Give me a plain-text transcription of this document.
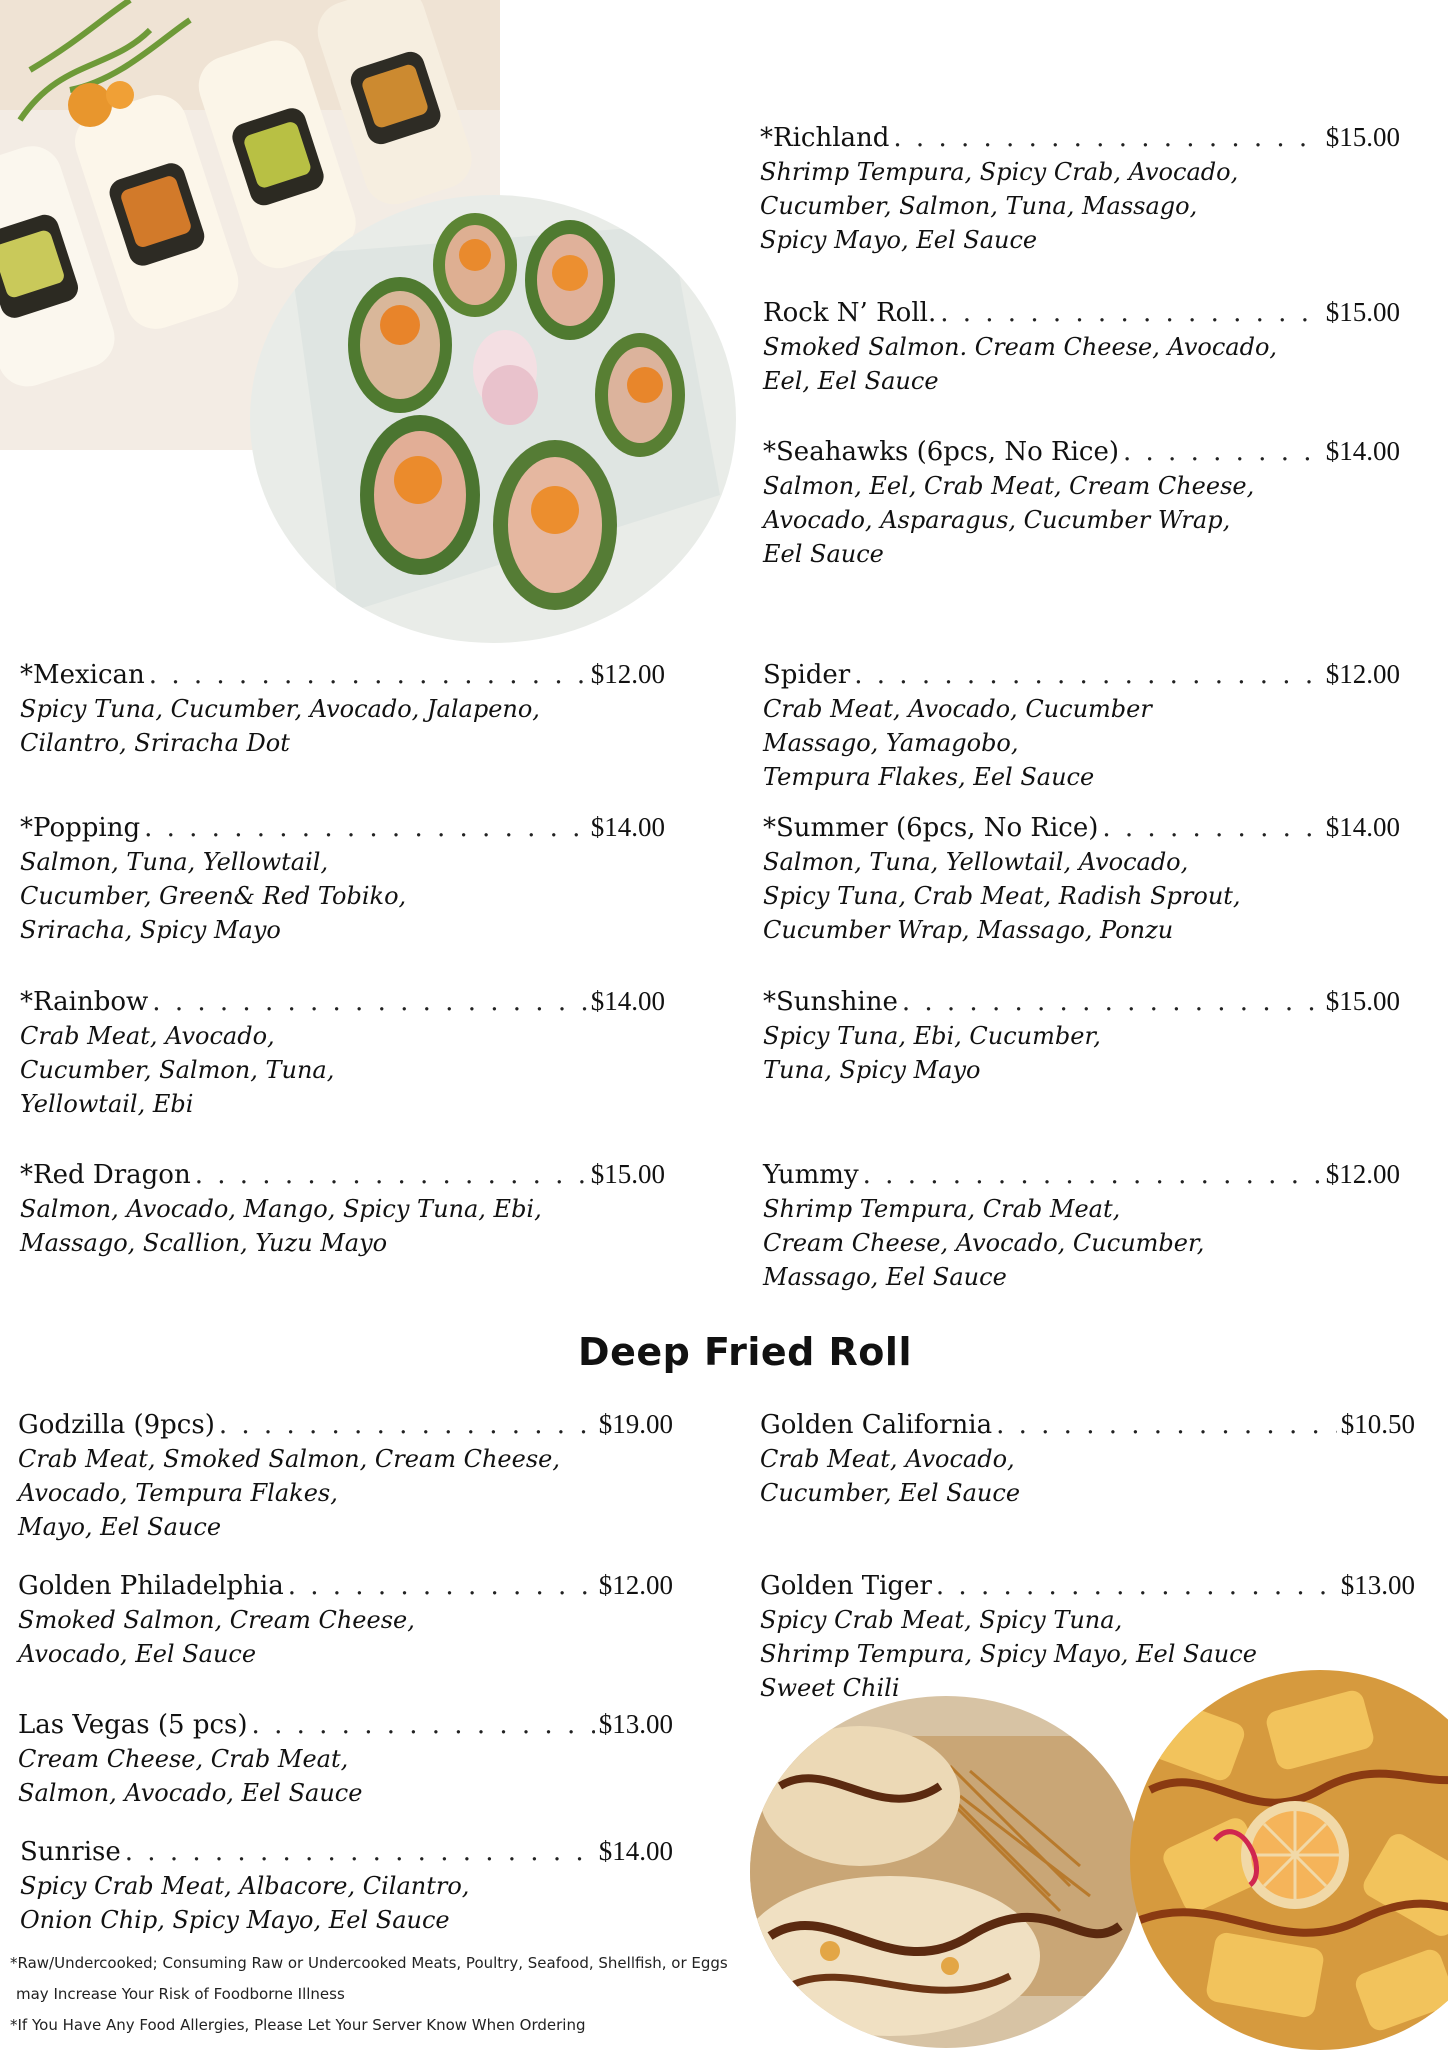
*Richland . . .	$15.00
Shrimp Tempura, Spicy Crab, Avocado,
Cucumber, Salmon, Tuna, Massago,
Spicy Mayo, Eel Sauce
Rock N’ Roll. . . .	$15.00
Smoked Salmon. Cream Cheese, Avocado,
Eel, Eel Sauce
*Seahawks (6pcs, No Rice) . . .	$14.00
Salmon, Eel, Crab Meat, Cream Cheese,
Avocado, Asparagus, Cucumber Wrap,
Eel Sauce
*Mexican . . .	$12.00
Spicy Tuna, Cucumber, Avocado, Jalapeno,
Cilantro, Sriracha Dot
*Popping . . .	$14.00
Salmon, Tuna, Yellowtail,
Cucumber, Green& Red Tobiko,
Sriracha, Spicy Mayo
*Rainbow . . .	$14.00
Crab Meat, Avocado,
Cucumber, Salmon, Tuna,
Yellowtail, Ebi
*Red Dragon . . .	$15.00
Salmon, Avocado, Mango, Spicy Tuna, Ebi,
Massago, Scallion, Yuzu Mayo
Spider . . .	$12.00
Crab Meat, Avocado, Cucumber
Massago, Yamagobo,
Tempura Flakes, Eel Sauce
*Summer (6pcs, No Rice) . . .	$14.00
Salmon, Tuna, Yellowtail, Avocado,
Spicy Tuna, Crab Meat, Radish Sprout,
Cucumber Wrap, Massago, Ponzu
*Sunshine . . .	$15.00
Spicy Tuna, Ebi, Cucumber,
Tuna, Spicy Mayo
Yummy . . .	$12.00
Shrimp Tempura, Crab Meat,
Cream Cheese, Avocado, Cucumber,
Massago, Eel Sauce
Deep Fried Roll
Godzilla (9pcs) . . .	$19.00
Crab Meat, Smoked Salmon, Cream Cheese,
Avocado, Tempura Flakes,
Mayo, Eel Sauce
Golden Philadelphia . . .	$12.00
Smoked Salmon, Cream Cheese,
Avocado, Eel Sauce
Las Vegas (5 pcs) . . .	$13.00
Cream Cheese, Crab Meat,
Salmon, Avocado, Eel Sauce
Sunrise . . .	$14.00
Spicy Crab Meat, Albacore, Cilantro,
Onion Chip, Spicy Mayo, Eel Sauce
Golden California . . .	$10.50
Crab Meat, Avocado,
Cucumber, Eel Sauce
Golden Tiger . . .	$13.00
Spicy Crab Meat, Spicy Tuna,
Shrimp Tempura, Spicy Mayo, Eel Sauce
Sweet Chili
*Raw/Undercooked; Consuming Raw or Undercooked Meats, Poultry, Seafood, Shellfish, or Eggs
may Increase Your Risk of Foodborne Illness
*If You Have Any Food Allergies, Please Let Your Server Know When Ordering
